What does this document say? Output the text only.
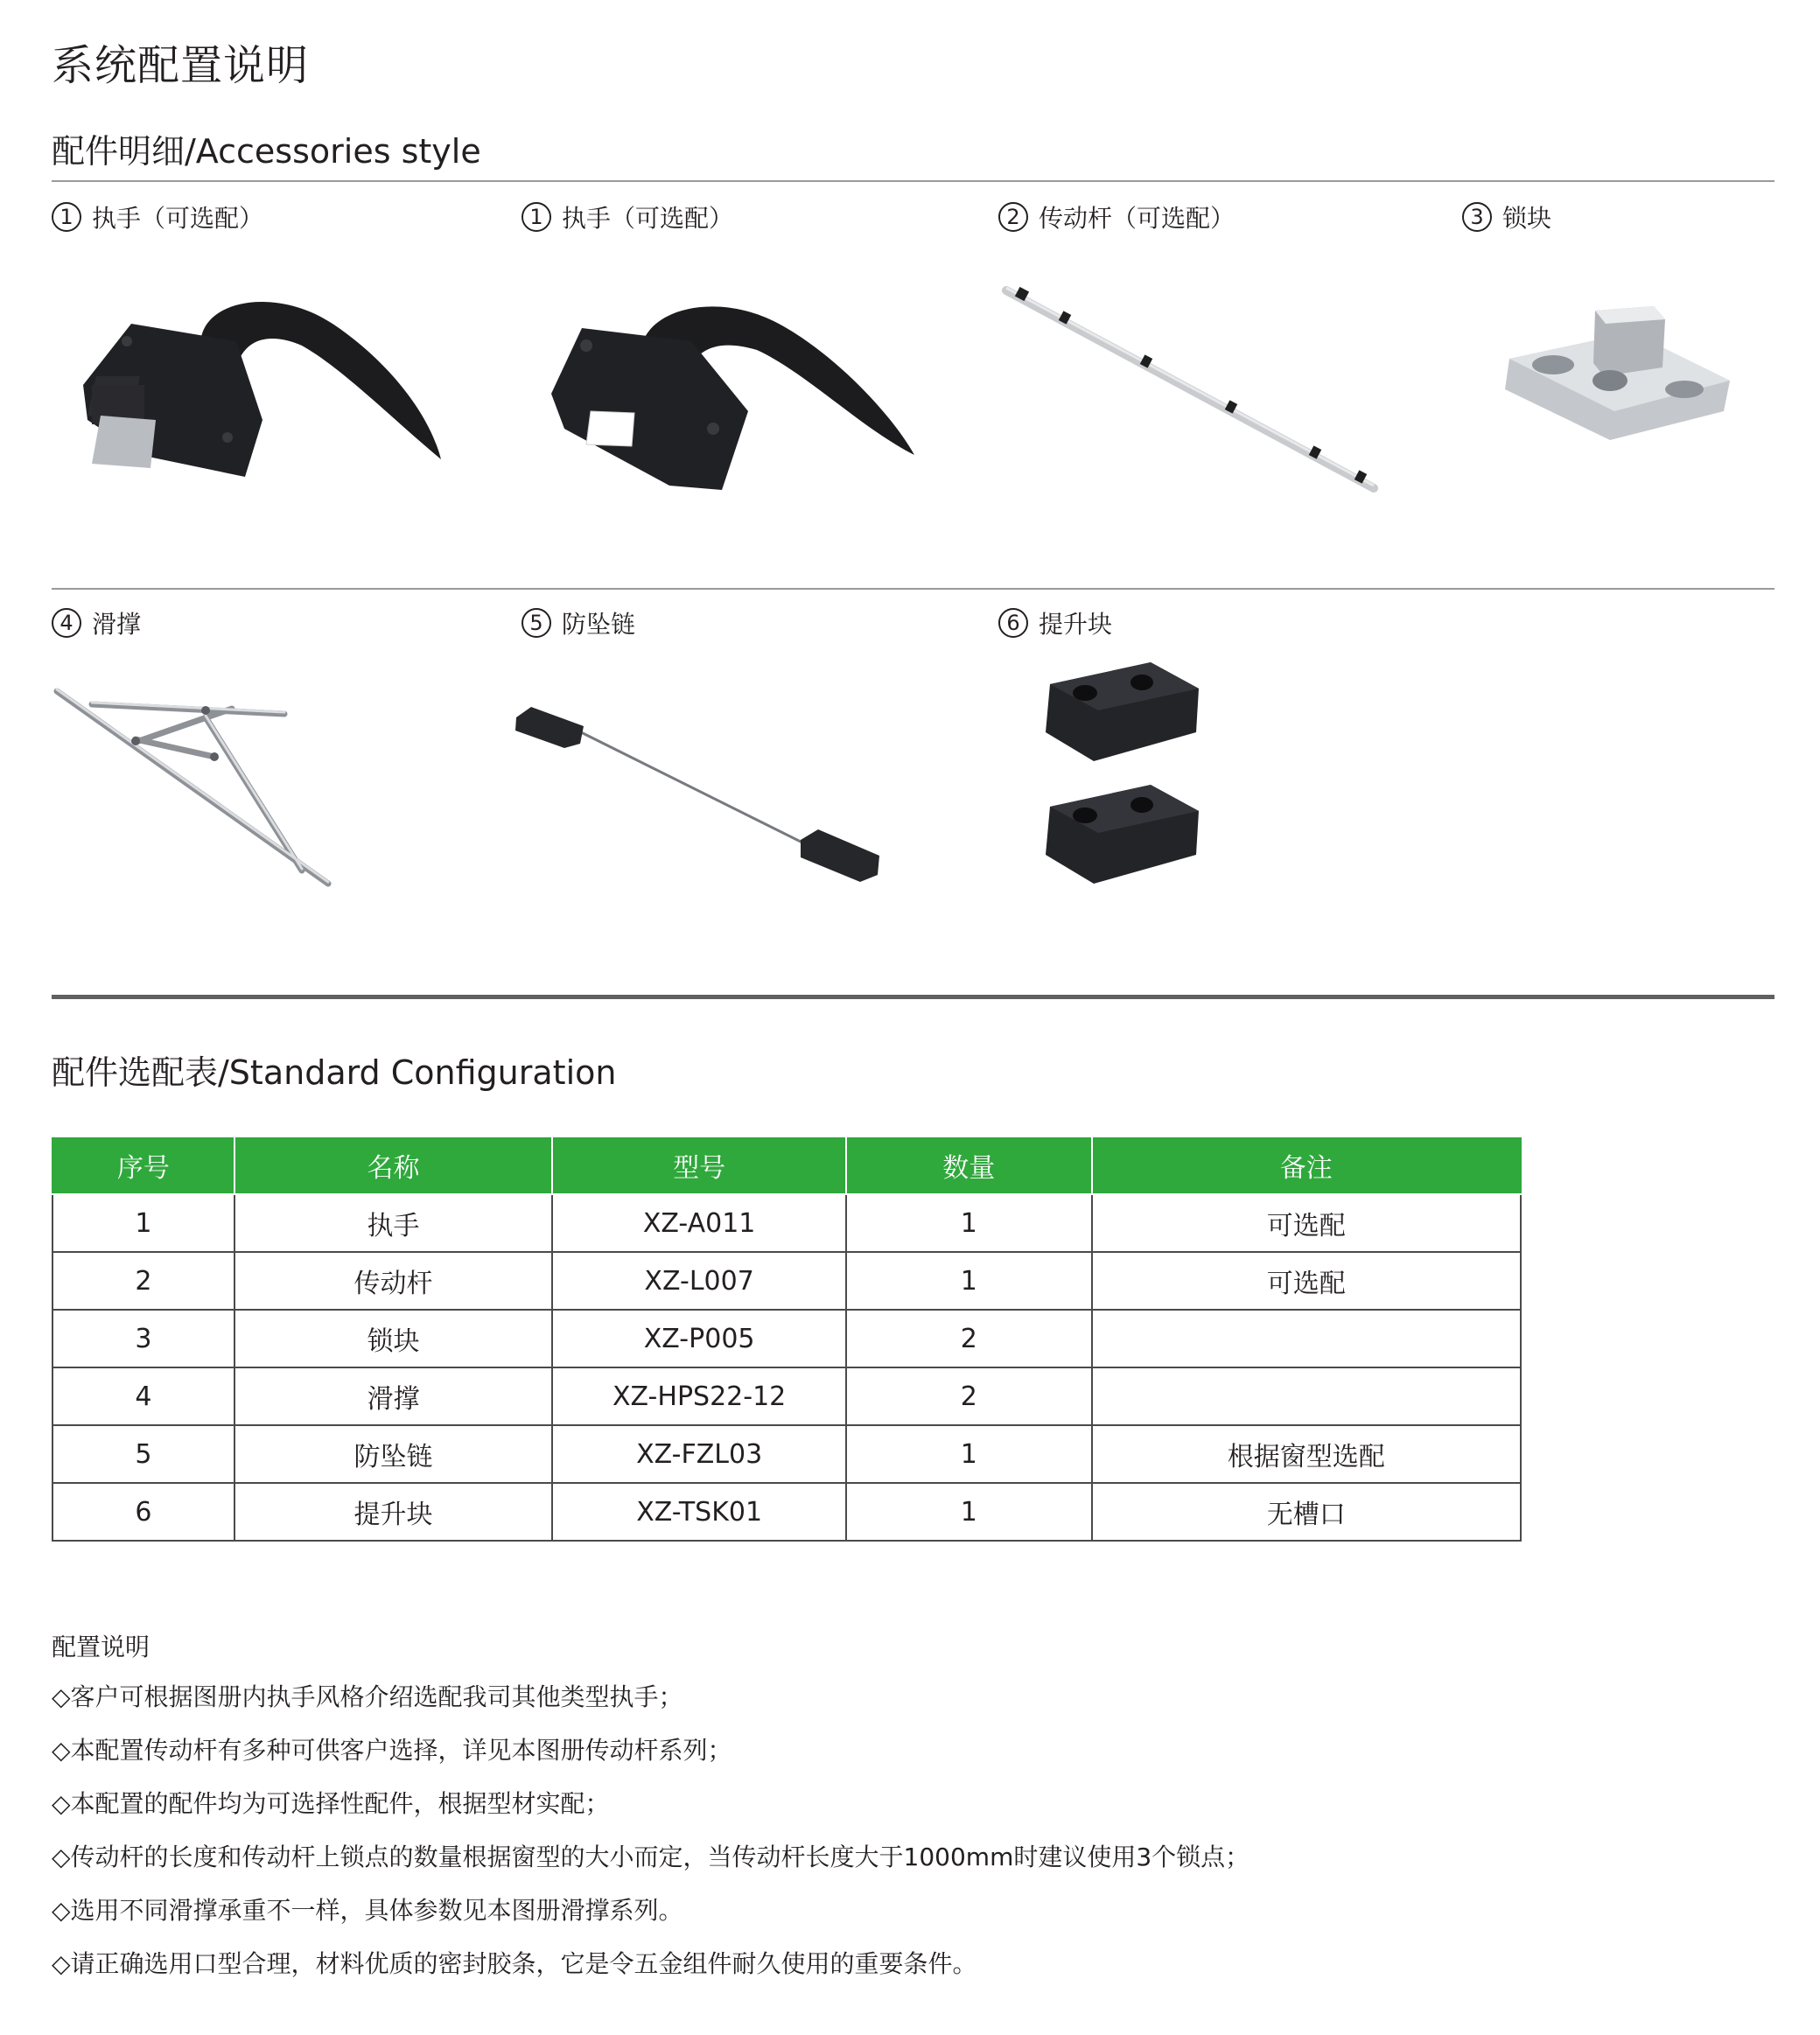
系统配置说明
配件明细/Accessories style
1 执手（可选配）	1 执手（可选配）	2 传动杆（可选配）	3 锁块
4 滑撑	5 防坠链	6 提升块
配件选配表/Standard Configuration
序号	名称	型号	数量	备注
1	执手	XZ-A011	1	可选配
2	传动杆	XZ-L007	1	可选配
3	锁块	XZ-P005	2	
4	滑撑	XZ-HPS22-12	2	
5	防坠链	XZ-FZL03	1	根据窗型选配
6	提升块	XZ-TSK01	1	无槽口
配置说明
◇客户可根据图册内执手风格介绍选配我司其他类型执手；
◇本配置传动杆有多种可供客户选择，详见本图册传动杆系列；
◇本配置的配件均为可选择性配件，根据型材实配；
◇传动杆的长度和传动杆上锁点的数量根据窗型的大小而定，当传动杆长度大于1000mm时建议使用3个锁点；
◇选用不同滑撑承重不一样，具体参数见本图册滑撑系列。
◇请正确选用口型合理，材料优质的密封胶条，它是令五金组件耐久使用的重要条件。
